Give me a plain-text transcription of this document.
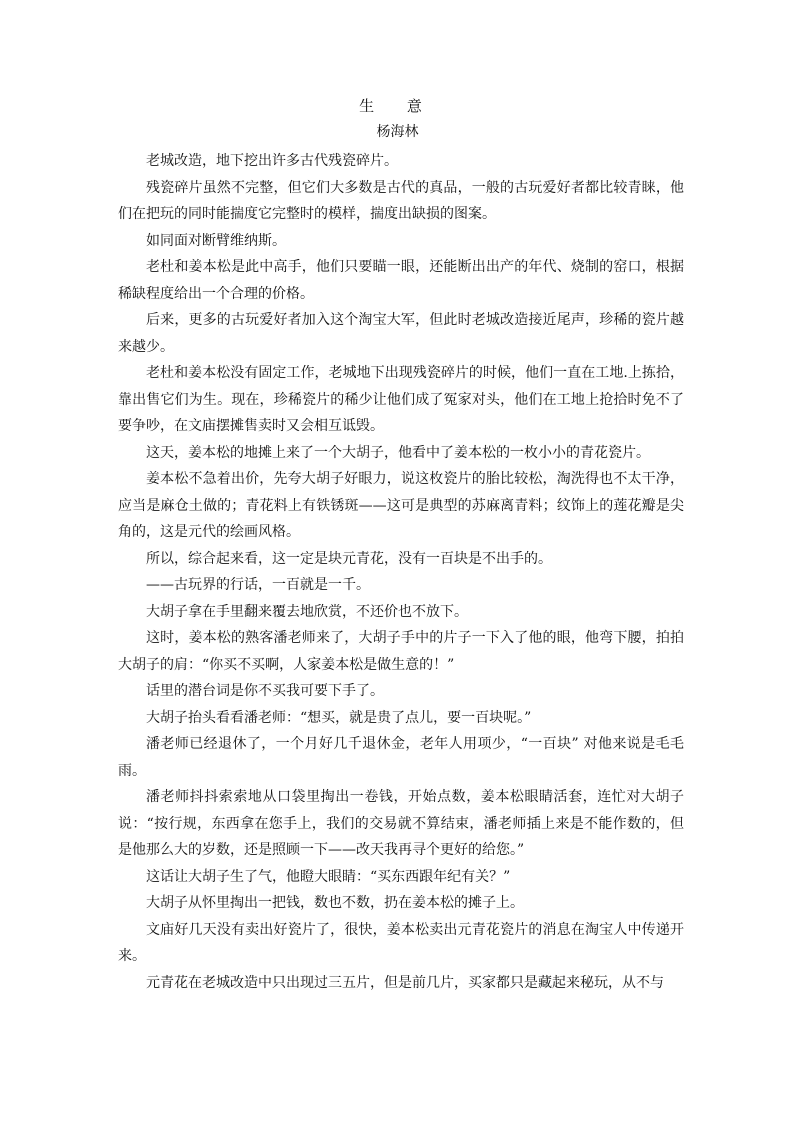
生 意
杨海林

老城改造，地下挖出许多古代残瓷碎片。

残瓷碎片虽然不完整，但它们大多数是古代的真品，一般的古玩爱好者都比较青睐，他们在把玩的同时能揣度它完整时的模样，揣度出缺损的图案。

如同面对断臂维纳斯。

老杜和姜本松是此中高手，他们只要瞄一眼，还能断出出产的年代、烧制的窑口，根据稀缺程度给出一个合理的价格。

后来，更多的古玩爱好者加入这个淘宝大军，但此时老城改造接近尾声，珍稀的瓷片越来越少。

老杜和姜本松没有固定工作，老城地下出现残瓷碎片的时候，他们一直在工地.上拣拾，靠出售它们为生。现在，珍稀瓷片的稀少让他们成了冤家对头，他们在工地上抢拾时免不了要争吵，在文庙摆摊售卖时又会相互诋毁。

这天，姜本松的地摊上来了一个大胡子，他看中了姜本松的一枚小小的青花瓷片。

姜本松不急着出价，先夸大胡子好眼力，说这枚瓷片的胎比较松，淘洗得也不太干净，应当是麻仓土做的；青花料上有铁锈斑——这可是典型的苏麻离青料；纹饰上的莲花瓣是尖角的，这是元代的绘画风格。

所以，综合起来看，这一定是块元青花，没有一百块是不出手的。

——古玩界的行话，一百就是一千。

大胡子拿在手里翻来覆去地欣赏，不还价也不放下。

这时，姜本松的熟客潘老师来了，大胡子手中的片子一下入了他的眼，他弯下腰，拍拍大胡子的肩：“你买不买啊，人家姜本松是做生意的！”

话里的潜台词是你不买我可要下手了。

大胡子抬头看看潘老师：“想买，就是贵了点儿，要一百块呢。”

潘老师已经退休了，一个月好几千退休金，老年人用项少，“一百块” 对他来说是毛毛雨。

潘老师抖抖索索地从口袋里掏出一卷钱，开始点数，姜本松眼睛活套，连忙对大胡子说：“按行规，东西拿在您手上，我们的交易就不算结束，潘老师插上来是不能作数的，但是他那么大的岁数，还是照顾一下——改天我再寻个更好的给您。”

这话让大胡子生了气，他瞪大眼睛：“买东西跟年纪有关？”

大胡子从怀里掏出一把钱，数也不数，扔在姜本松的摊子上。

文庙好几天没有卖出好瓷片了，很快，姜本松卖出元青花瓷片的消息在淘宝人中传递开来。

元青花在老城改造中只出现过三五片，但是前几片，买家都只是藏起来秘玩，从不与
